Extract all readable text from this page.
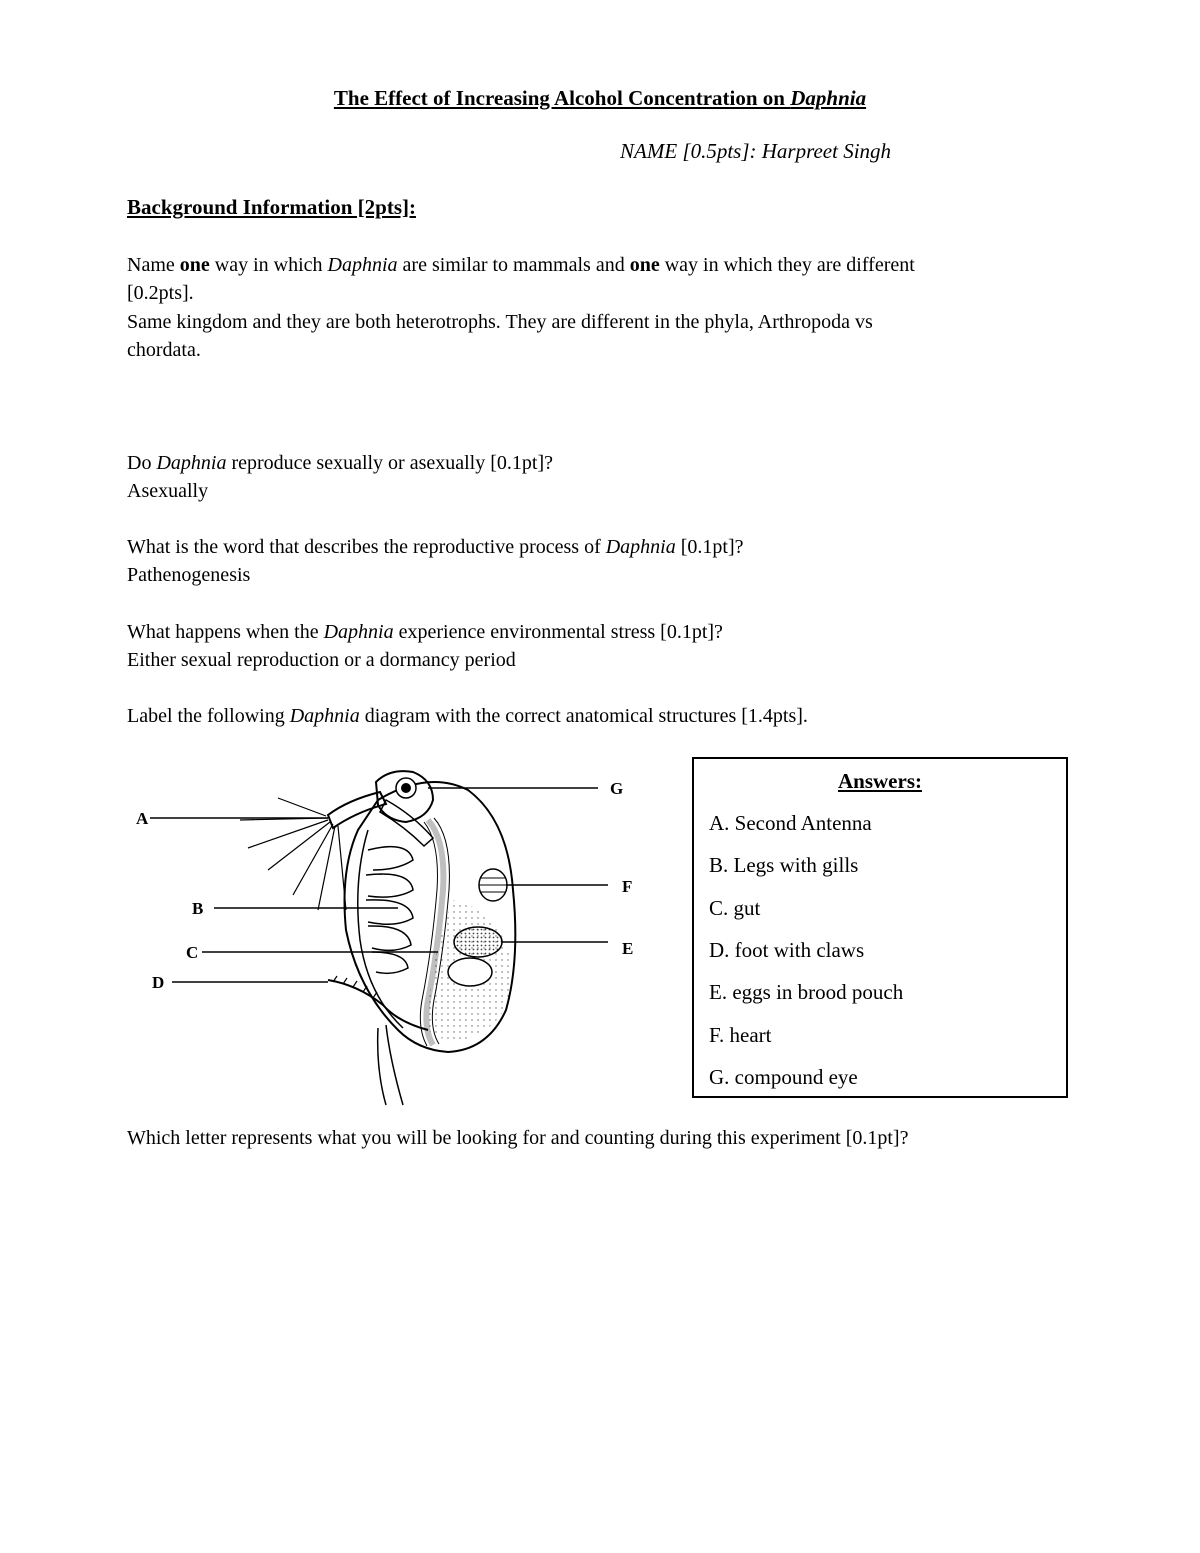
The Effect of Increasing Alcohol Concentration on Daphnia
NAME [0.5pts]: Harpreet Singh
Background Information [2pts]:
Name one way in which Daphnia are similar to mammals and one way in which they are different
[0.2pts].
Same kingdom and they are both heterotrophs. They are different in the phyla, Arthropoda vs
chordata.
Do Daphnia reproduce sexually or asexually [0.1pt]?
Asexually
What is the word that describes the reproductive process of Daphnia [0.1pt]?
Pathenogenesis
What happens when the Daphnia experience environmental stress [0.1pt]?
Either sexual reproduction or a dormancy period
Label the following Daphnia diagram with the correct anatomical structures [1.4pts].
A
B
C
D
E
F
G	Answers:
A. Second Antenna
B. Legs with gills
C. gut
D. foot with claws
E. eggs in brood pouch
F. heart
G. compound eye
Which letter represents what you will be looking for and counting during this experiment [0.1pt]?
